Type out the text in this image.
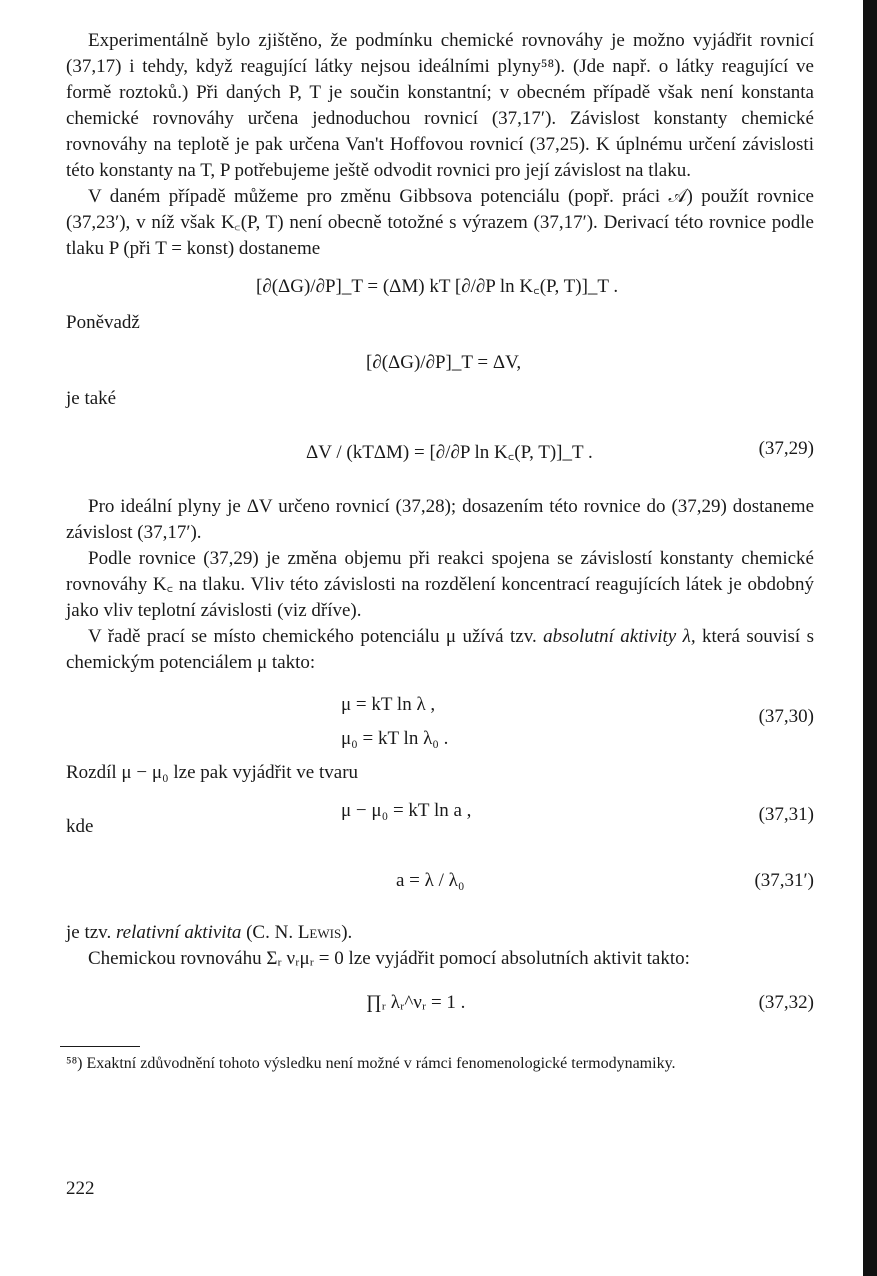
Experimentálně bylo zjištěno, že podmínku chemické rovnováhy je možno vyjádřit rovnicí (37,17) i tehdy, když reagující látky nejsou ideálními plyny⁵⁸). (Jde např. o látky reagující ve formě roztoků.) Při daných P, T je součin konstantní; v obecném případě však není konstanta chemické rovnováhy určena jednoduchou rovnicí (37,17′). Závislost konstanty chemické rovnováhy na teplotě je pak určena Van't Hoffovou rovnicí (37,25). K úplnému určení závislosti této konstanty na T, P potřebujeme ještě odvodit rovnici pro její závislost na tlaku.

V daném případě můžeme pro změnu Gibbsova potenciálu (popř. práci 𝒜) použít rovnice (37,23′), v níž však K꜀(P, T) není obecně totožné s výrazem (37,17′). Derivací této rovnice podle tlaku P (při T = konst) dostaneme

[∂(ΔG)/∂P]_T = (ΔM) kT [∂/∂P ln K꜀(P, T)]_T .
Poněvadž
[∂(ΔG)/∂P]_T = ΔV,
je také
ΔV / (kTΔM) = [∂/∂P ln K꜀(P, T)]_T .	(37,29)

Pro ideální plyny je ΔV určeno rovnicí (37,28); dosazením této rovnice do (37,29) dostaneme závislost (37,17′).

Podle rovnice (37,29) je změna objemu při reakci spojena se závislostí konstanty chemické rovnováhy K꜀ na tlaku. Vliv této závislosti na rozdělení koncentrací reagujících látek je obdobný jako vliv teplotní závislosti (viz dříve).

V řadě prací se místo chemického potenciálu μ užívá tzv. absolutní aktivity λ, která souvisí s chemickým potenciálem μ takto:

μ = kT ln λ ,
μ₀ = kT ln λ₀ .
(37,30)

Rozdíl μ − μ₀ lze pak vyjádřit ve tvaru

μ − μ₀ = kT ln a ,	(37,31)
kde
a = λ / λ₀	(37,31′)

je tzv. relativní aktivita (C. N. Lewis).

Chemickou rovnováhu Σᵣ νᵣμᵣ = 0 lze vyjádřit pomocí absolutních aktivit takto:

∏ᵣ λᵣ^νᵣ = 1 .	(37,32)

⁵⁸) Exaktní zdůvodnění tohoto výsledku není možné v rámci fenomenologické termodynamiky.

222
